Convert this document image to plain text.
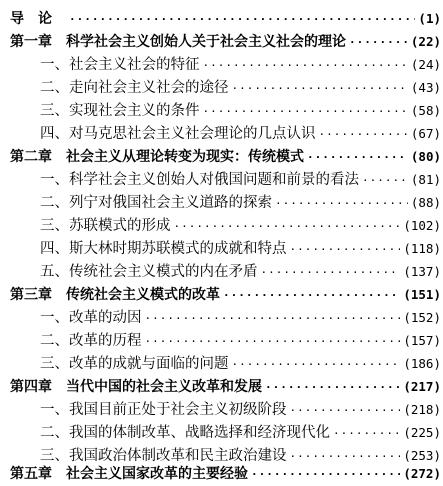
导　论 ·····	(1)
第一章 科学社会主义创始人关于社会主义社会的理论 ·····	(22)
一、社会主义社会的特征 ·····	(24)
二、走向社会主义社会的途径 ·····	(43)
三、实现社会主义的条件 ·····	(58)
四、对马克思社会主义社会理论的几点认识 ·····	(67)
第二章 社会主义从理论转变为现实：传统模式 ·····	(80)
一、科学社会主义创始人对俄国问题和前景的看法 ·····	(81)
二、列宁对俄国社会主义道路的探索 ·····	(88)
三、苏联模式的形成 ·····	(102)
四、斯大林时期苏联模式的成就和特点 ·····	(118)
五、传统社会主义模式的内在矛盾 ·····	(137)
第三章 传统社会主义模式的改革 ·····	(151)
一、改革的动因 ·····	(152)
二、改革的历程 ·····	(157)
三、改革的成就与面临的问题 ·····	(186)
第四章 当代中国的社会主义改革和发展 ·····	(217)
一、我国目前正处于社会主义初级阶段 ·····	(218)
二、我国的体制改革、战略选择和经济现代化 ·····	(225)
三、我国政治体制改革和民主政治建设 ·····	(253)
第五章 社会主义国家改革的主要经验 ·····	(272)
